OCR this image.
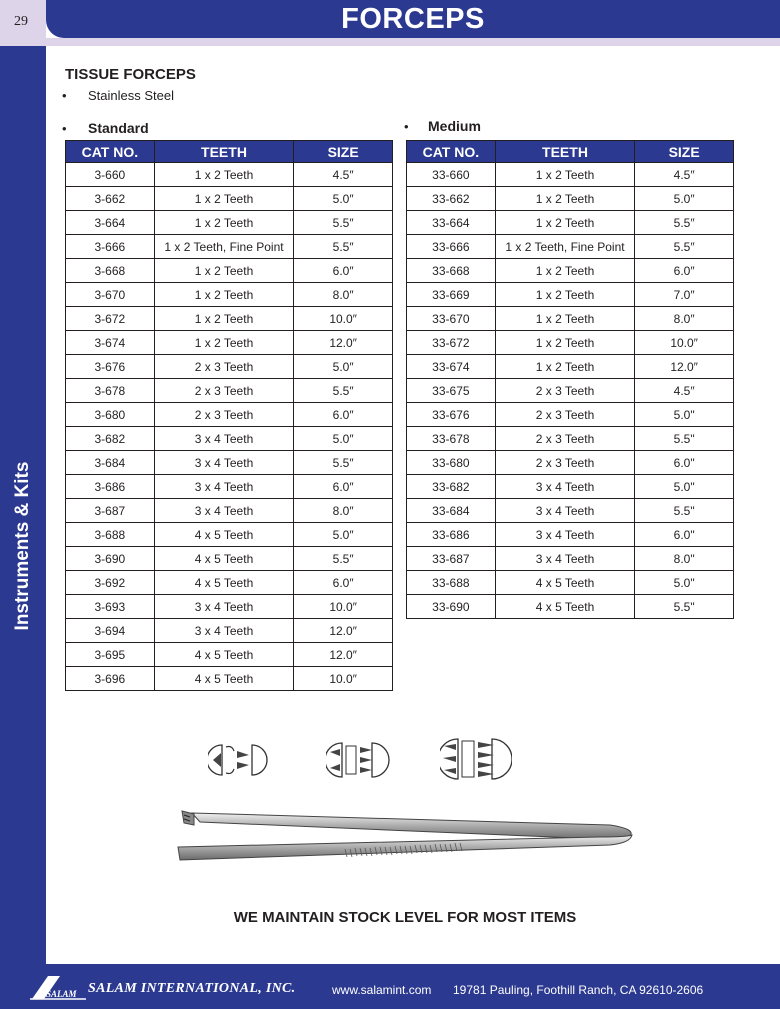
29	FORCEPS
Instruments & Kits
TISSUE FORCEPS
• Stainless Steel
• Standard	• Medium
CAT NO.	TEETH	SIZE
3-660	1 x 2 Teeth	4.5″
3-662	1 x 2 Teeth	5.0″
3-664	1 x 2 Teeth	5.5″
3-666	1 x 2 Teeth, Fine Point	5.5″
3-668	1 x 2 Teeth	6.0″
3-670	1 x 2 Teeth	8.0″
3-672	1 x 2 Teeth	10.0″
3-674	1 x 2 Teeth	12.0″
3-676	2 x 3 Teeth	5.0″
3-678	2 x 3 Teeth	5.5″
3-680	2 x 3 Teeth	6.0″
3-682	3 x 4 Teeth	5.0″
3-684	3 x 4 Teeth	5.5″
3-686	3 x 4 Teeth	6.0″
3-687	3 x 4 Teeth	8.0″
3-688	4 x 5 Teeth	5.0″
3-690	4 x 5 Teeth	5.5″
3-692	4 x 5 Teeth	6.0″
3-693	3 x 4 Teeth	10.0″
3-694	3 x 4 Teeth	12.0″
3-695	4 x 5 Teeth	12.0″
3-696	4 x 5 Teeth	10.0″
CAT NO.	TEETH	SIZE
33-660	1 x 2 Teeth	4.5″
33-662	1 x 2 Teeth	5.0″
33-664	1 x 2 Teeth	5.5″
33-666	1 x 2 Teeth, Fine Point	5.5″
33-668	1 x 2 Teeth	6.0″
33-669	1 x 2 Teeth	7.0″
33-670	1 x 2 Teeth	8.0″
33-672	1 x 2 Teeth	10.0″
33-674	1 x 2 Teeth	12.0″
33-675	2 x 3 Teeth	4.5″
33-676	2 x 3 Teeth	5.0"
33-678	2 x 3 Teeth	5.5"
33-680	2 x 3 Teeth	6.0"
33-682	3 x 4 Teeth	5.0"
33-684	3 x 4 Teeth	5.5"
33-686	3 x 4 Teeth	6.0"
33-687	3 x 4 Teeth	8.0"
33-688	4 x 5 Teeth	5.0"
33-690	4 x 5 Teeth	5.5"
WE MAINTAIN STOCK LEVEL FOR MOST ITEMS
SALAM SALAM INTERNATIONAL, INC.	www.salamint.com 19781 Pauling, Foothill Ranch, CA 92610-2606
